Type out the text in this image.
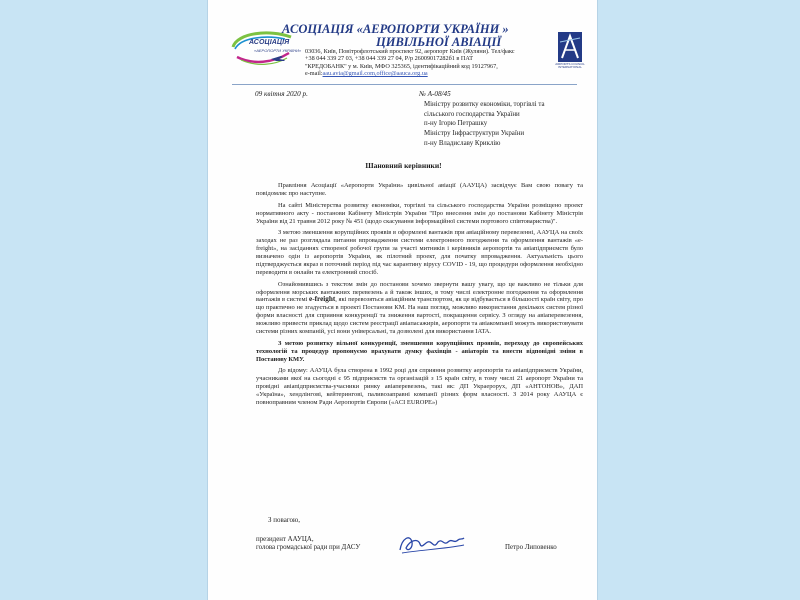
АСОЦІАЦІЯ
«АЕРОПОРТИ УКРАЇНИ»
АСОЦІАЦІЯ «АЕРОПОРТИ УКРАЇНИ »
ЦИВІЛЬНОЇ АВІАЦІЇ
03036, Київ, Повітрофлотський проспект 92, аеропорт Київ (Жуляни). Тел/факс
+38 044 339 27 03, +38 044 339 27 04, Р/р 26009017282б1 в ПАТ
"КРЕДОБАНК" у м. Київ, МФО 325365, ідентифікаційний код 19127967,
e-mail:aau.avia@gmail.com,office@aauca.org.ua
AIRPORTS COUNCIL INTERNATIONAL
09 квітня 2020 р.	№ А-08/45
Міністру розвитку економіки, торгівлі та
сільського господарства України
п-ну Ігорю Петрашку
Міністру Інфраструктури України
п-ну Владиславу Криклію
Шановний керівники!

Правління Асоціації «Аеропорти України» цивільної авіації (ААУЦА) засвідчує Вам свою повагу та повідомляє про наступне.

На сайті Міністерства розвитку економіки, торгівлі та сільського господарства України розміщено проект нормативного акту - постанови Кабінету Міністрів України "Про внесення змін до постанови Кабінету Міністрів України від 21 травня 2012 року № 451 (щодо скасування інформаційної системи портового співтовариства)".

З метою зменшення корупційних проявів в оформлені вантажів при авіаційному перевезенні, ААУЦА на своїх заходах не раз розглядала питання впровадження системи електронного погодження та оформлення вантажів «e-freight», на засіданнях створеної робочої групи за участі митників і керівників аеропортів та авіапідприємств було визначено одін із аеропортів України, як пілотний проект, для початку впровадження. Актуальність цього підтверджується якраз в поточний період під час карантину вірусу COVID - 19, що процедури оформлення необхідно переводити в онлайн та електронний спосіб.

Ознайомившись з текстом змін до постанови хочемо звернути вашу увагу, що це важливо не тільки для оформлення морських вантажних перевезень а й також інших, в тому числі електронне погодження та оформлення вантажів в системі e-freight, які перевозяться авіаційним транспортом, як це відбувається в більшості країн світу, про що практично не згадується в проекті Постанови КМ. На наш погляд, можливо використання декількох систем різної форми власності для сприяння конкуренції та зниження вартості, покращення сервісу. З огляду на авіаперевезення, можливо привести приклад щодо систем реєстрації авіапасажирів, аеропорти та авіакомпанії можуть використовувати системи різних компаній, усі вони універсальні, та дозволені для використання IATA.

З метою розвитку вільної конкуренції, зменшення корупційних проявів, переходу до європейських технологій та процедур пропонуємо врахувати думку фахівців - авіаторів та внести відповідні зміни в Постанову КМУ.

До відому: ААУЦА була створена в 1992 році для сприяння розвитку аеропортів та авіапідприємств України, учасниками якої на сьогодні є 95 підприємств та організацій з 15 країн світу, в тому числі 21 аеропорт України та провідні авіапідприємства-учасники ринку авіаперевезень, такі як: ДП Украерорух, ДП «АНТОНОВ», ДАП «Україна», хендлінгові, кейтерингові, паливозаправні компанії різних форм власності. З 2014 року ААУЦА є повноправним членом Ради Аеропортів Європи («ACI EUROPE»)

З повагою,
президент ААУЦА,
голова громадської ради при ДАСУ	Петро Липовенко
